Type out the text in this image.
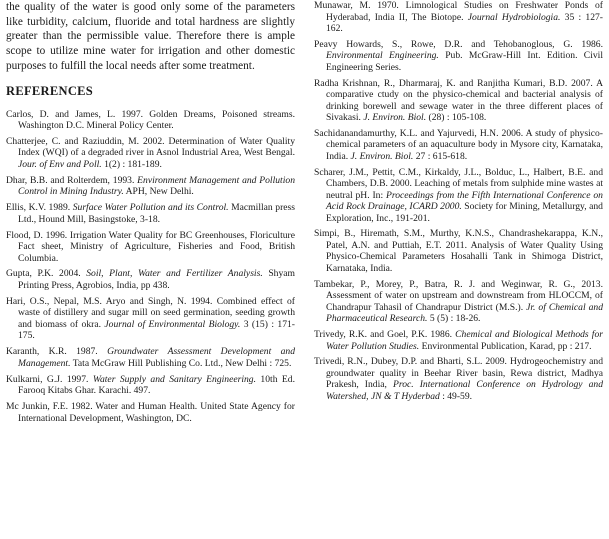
the quality of the water is good only some of the parameters like turbidity, calcium, fluoride and total hardness are slightly greater than the permissible value. Therefore there is ample scope to utilize mine water for irrigation and other domestic purposes to fulfill the local needs after some treatment.

REFERENCES

Carlos, D. and James, L. 1997. Golden Dreams, Poisoned streams. Washington D.C. Mineral Policy Center.

Chatterjee, C. and Raziuddin, M. 2002. Determination of Water Quality Index (WQI) of a degraded river in Asnol Industrial Area, West Bengal. Jour. of Env and Poll. 1(2) : 181-189.

Dhar, B.B. and Rolterdem, 1993. Environment Management and Pollution Control in Mining Industry. APH, New Delhi.

Ellis, K.V. 1989. Surface Water Pollution and its Control. Macmillan press Ltd., Hound Mill, Basingstoke, 3-18.

Flood, D. 1996. Irrigation Water Quality for BC Greenhouses, Floriculture Fact sheet, Ministry of Agriculture, Fisheries and Food, British Columbia.

Gupta, P.K. 2004. Soil, Plant, Water and Fertilizer Analysis. Shyam Printing Press, Agrobios, India, pp 438.

Hari, O.S., Nepal, M.S. Aryo and Singh, N. 1994. Combined effect of waste of distillery and sugar mill on seed germination, seeding growth and biomass of okra. Journal of Environmental Biology. 3 (15) : 171-175.

Karanth, K.R. 1987. Groundwater Assessment Development and Management. Tata McGraw Hill Publishing Co. Ltd., New Delhi : 725.

Kulkarni, G.J. 1997. Water Supply and Sanitary Engineering. 10th Ed. Farooq Kitabs Ghar. Karachi. 497.

Mc Junkin, F.E. 1982. Water and Human Health. United State Agency for International Development, Washington, DC.

Munawar, M. 1970. Limnological Studies on Freshwater Ponds of Hyderabad, India II, The Biotope. Journal Hydrobiologia. 35 : 127-162.

Peavy Howards, S., Rowe, D.R. and Tehobanoglous, G. 1986. Environmental Engineering. Pub. McGraw-Hill Int. Edition. Civil Engineering Series.

Radha Krishnan, R., Dharmaraj, K. and Ranjitha Kumari, B.D. 2007. A comparative ctudy on the physico-chemical and bacterial analysis of drinking borewell and sewage water in the three different places of Sivakasi. J. Environ. Biol. (28) : 105-108.

Sachidanandamurthy, K.L. and Yajurvedi, H.N. 2006. A study of physico-chemical parameters of an aquaculture body in Mysore city, Karnataka, India. J. Environ. Biol. 27 : 615-618.

Scharer, J.M., Pettit, C.M., Kirkaldy, J.L., Bolduc, L., Halbert, B.E. and Chambers, D.B. 2000. Leaching of metals from sulphide mine wastes at neutral pH. In: Proceedings from the Fifth International Conference on Acid Rock Drainage, ICARD 2000. Society for Mining, Metallurgy, and Exploration, Inc., 191-201.

Simpi, B., Hiremath, S.M., Murthy, K.N.S., Chandrashekarappa, K.N., Patel, A.N. and Puttiah, E.T. 2011. Analysis of Water Quality Using Physico-Chemical Parameters Hosahalli Tank in Shimoga District, Karnataka, India.

Tambekar, P., Morey, P., Batra, R. J. and Weginwar, R. G., 2013. Assessment of water on upstream and downstream from HLOCCM, of Chandrapur Tahasil of Chandrapur District (M.S.). Jr. of Chemical and Pharmaceutical Research. 5 (5) : 18-26.

Trivedy, R.K. and Goel, P.K. 1986. Chemical and Biological Methods for Water Pollution Studies. Environmental Publication, Karad, pp : 217.

Trivedi, R.N., Dubey, D.P. and Bharti, S.L. 2009. Hydrogeochemistry and groundwater quality in Beehar River basin, Rewa district, Madhya Prakesh, India, Proc. International Conference on Hydrology and Watershed, JN & T Hyderbad : 49-59.
